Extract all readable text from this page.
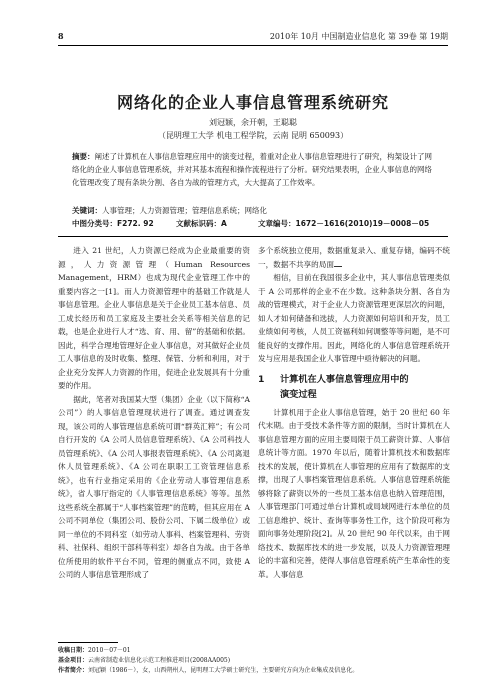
8	2010年 10月 中国制造业信息化 第 39卷 第 19期
网络化的企业人事信息管理系统研究
刘冠颖，余开朝，王聪聪
（昆明理工大学 机电工程学院，云南 昆明 650093）
摘要：阐述了计算机在人事信息管理应用中的演变过程，着重对企业人事信息管理进行了研究，构架设计了网络化的企业人事信息管理系统，并对其基本流程和操作流程进行了分析。研究结果表明，企业人事信息的网络化管理改变了现有条块分割、各自为战的管理方式，大大提高了工作效率。
关键词：人事管理；人力资源管理；管理信息系统；网络化
中图分类号：F272. 92	文献标识码：A	文章编号：1672－1616(2010)19－0008－05

进入 21 世纪，人力资源已经成为企业最重要的资源，人力资源管理（Human Resources Management，HRM）也成为现代企业管理工作中的重要内容之一[1]。而人力资源管理中的基础工作就是人事信息管理。企业人事信息是关于企业员工基本信息、员工成长经历和员工家庭及主要社会关系等相关信息的记载，也是企业进行人才“选、育、用、留”的基础和依据。因此，科学合理地管理好企业人事信息，对其做好企业员工人事信息的及时收集、整理、保管、分析和利用，对于企业充分发挥人力资源的作用，促进企业发展具有十分重要的作用。

据此，笔者对我国某大型（集团）企业（以下简称“A 公司”）的人事信息管理现状进行了调查。通过调查发现，该公司的人事管理信息系统可谓“群英汇粹”；有公司自行开发的《A 公司人员信息管理系统》、《A 公司科技人员管理系统》、《A 公司人事报表管理系统》、《A 公司离退休人员管理系统》、《A 公司在职职工工资管理信息系统》，也有行业指定采用的《企业劳动人事管理信息系统》，省人事厅指定的《人事管理信息系统》等等。虽然这些系统全都属于“人事档案管理”的范畴，但其应用在 A 公司不同单位（集团公司、股份公司、下属二级单位）或同一单位的不同科室（如劳动人事科、档案管理科、劳资科、社保科、组织干部科等科室）却各自为战。由于各单位所使用的软件平台不同，管理的侧重点不同，致使 A 公司的人事信息管理形成了

多个系统独立使用，数据重复录入、重复存储，编码不统一，数据不共享的局面

相信，目前在我国很多企业中，其人事信息管理类似于 A 公司那样的企业不在少数。这种条块分割、各自为战的管理模式，对于企业人力资源管理更深层次的问题，如人才如何储备和选拔，人力资源如何培训和开发，员工业绩如何考核，人员工资福利如何调整等等问题，是不可能良好的支撑作用。因此，网络化的人事信息管理系统开发与应用是我国企业人事管理中亟待解决的问题。

1 计算机在人事信息管理应用中的
演变过程

计算机用于企业人事信息管理，始于 20 世纪 60 年代末期。由于受技术条件等方面的限制，当时计算机在人事信息管理方面的应用主要局限于员工薪资计算、人事信息统计等方面。1970 年以后，随着计算机技术和数据库技术的发展，使计算机在人事管理的应用有了数据库的支撑，出现了人事档案管理信息系统。人事信息管理系统能够将除了薪资以外的一些员工基本信息也纳入管理范围，人事管理部门可通过单台计算机或局域网进行本单位的员工信息维护、统计、查询等事务性工作，这个阶段可称为面向事务处理阶段[2]。从 20 世纪 90 年代以来，由于网络技术、数据库技术的进一步发展，以及人力资源管理理论的丰富和完善，使得人事信息管理系统产生革命性的变革。人事信息

收稿日期：2010－07－01
基金项目：云南省制造业信息化示范工程推进项目(2008AA005)
作者简介：刘冠颖（1986－），女，山西朔州人，昆明理工大学硕士研究生，主要研究方向为企业集成及信息化。
